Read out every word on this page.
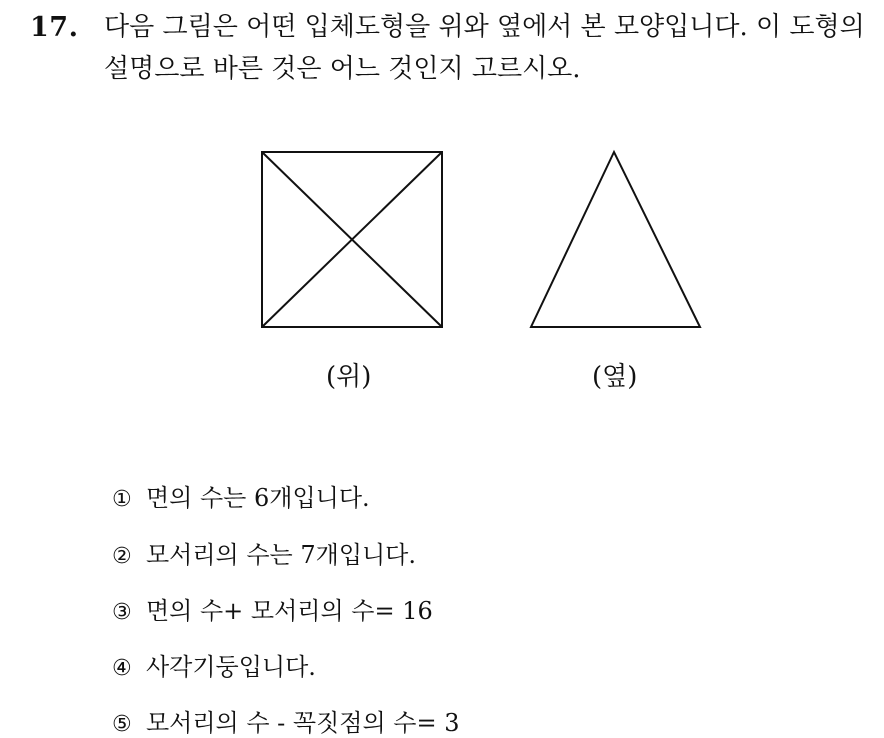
17. 다음 그림은 어떤 입체도형을 위와 옆에서 본 모양입니다. 이 도형의
설명으로 바른 것은 어느 것인지 고르시오.
(위)	(옆)
① 면의 수는 6개입니다.
② 모서리의 수는 7개입니다.
③ 면의 수+ 모서리의 수= 16
④ 사각기둥입니다.
⑤ 모서리의 수 - 꼭짓점의 수= 3
